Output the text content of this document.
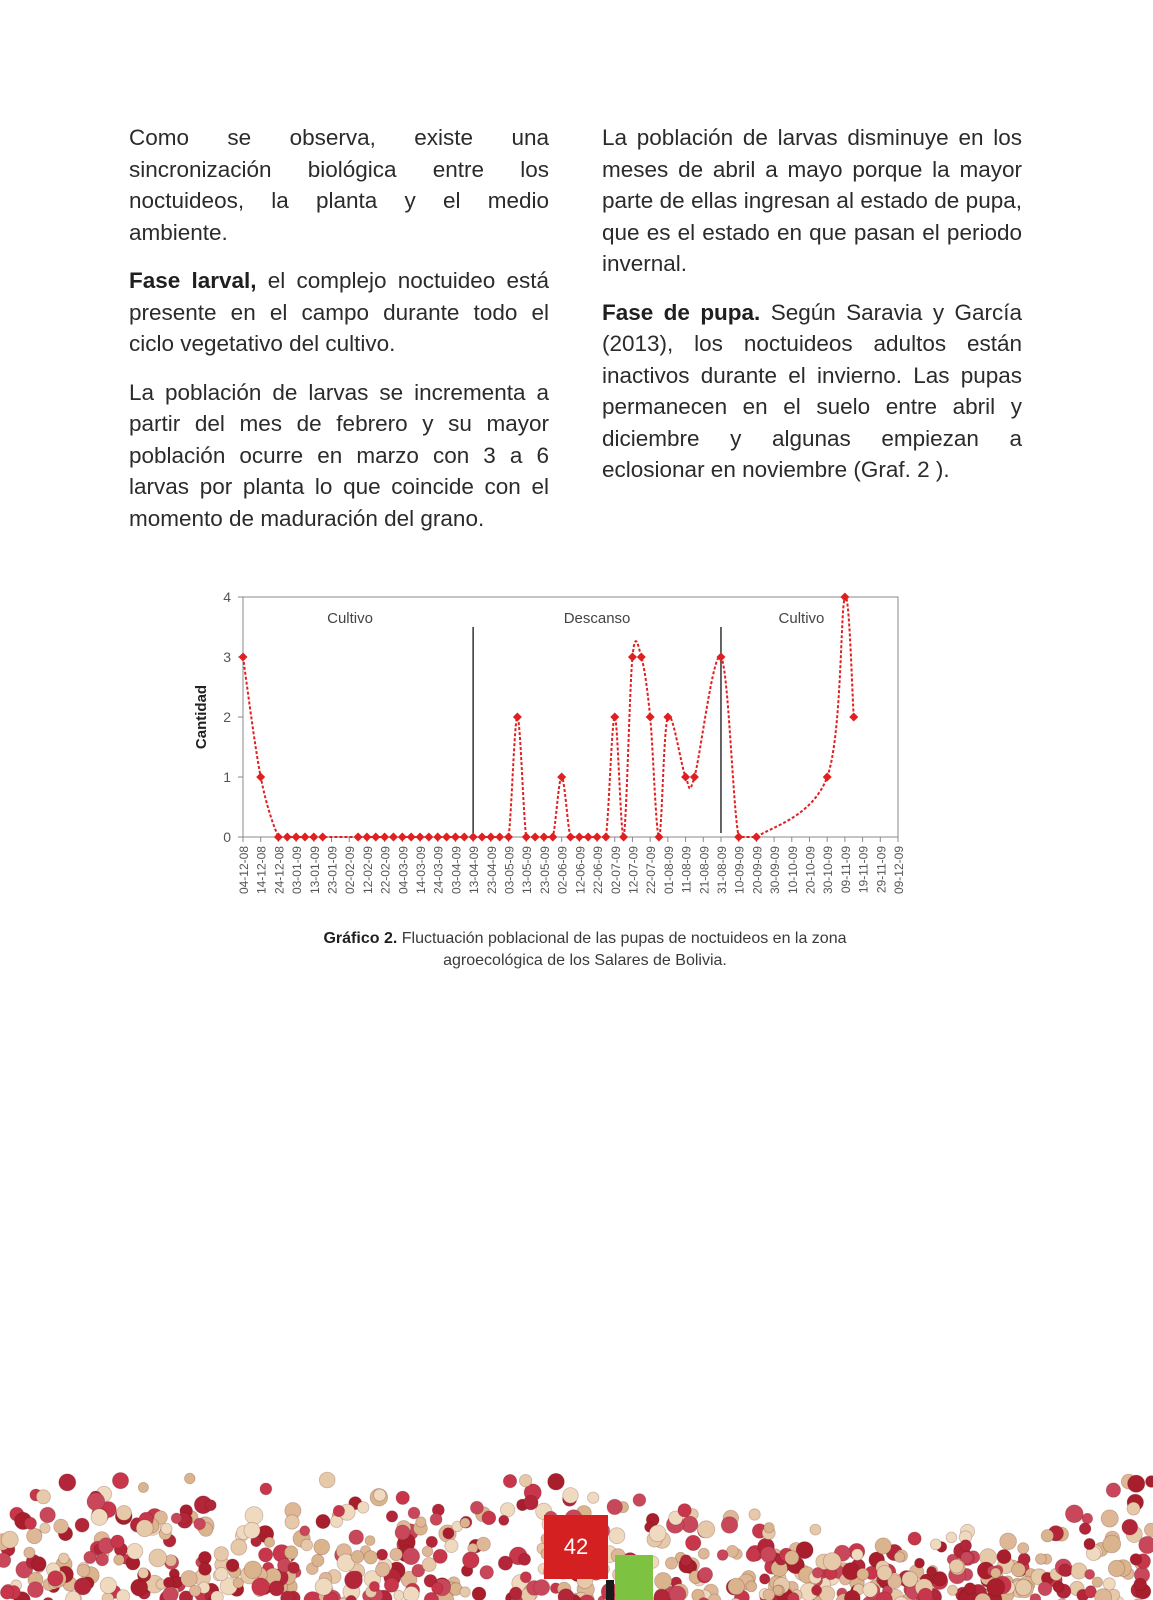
Como se observa, existe una sincronización biológica entre los noctuideos, la planta y el medio ambiente.

Fase larval, el complejo noctuideo está presente en el campo durante todo el ciclo vegetativo del cultivo.

La población de larvas se incrementa a partir del mes de febrero y su mayor población ocurre en marzo con 3 a 6 larvas por planta lo que coincide con el momento de maduración del grano.

La población de larvas disminuye en los meses de abril a mayo porque la mayor parte de ellas ingresan al estado de pupa, que es el estado en que pasan el periodo invernal.

Fase de pupa. Según Saravia y García (2013), los noctuideos adultos están inactivos durante el invierno. Las pupas permanecen en el suelo entre abril y diciembre y algunas empiezan a eclosionar en noviembre (Graf. 2 ).

0
1
2
3
4
Cantidad
04-12-08 14-12-08 24-12-08 03-01-09 13-01-09 23-01-09 02-02-09 12-02-09 22-02-09 04-03-09 14-03-09 24-03-09 03-04-09 13-04-09 23-04-09 03-05-09 13-05-09 23-05-09 02-06-09 12-06-09 22-06-09 02-07-09 12-07-09 22-07-09 01-08-09 11-08-09 21-08-09 31-08-09 10-09-09 20-09-09 30-09-09 10-10-09 20-10-09 30-10-09 09-11-09 19-11-09 29-11-09 09-12-09
Cultivo	Descanso	Cultivo
Gráfico 2. Fluctuación poblacional de las pupas de noctuideos en la zona
agroecológica de los Salares de Bolivia.
42
